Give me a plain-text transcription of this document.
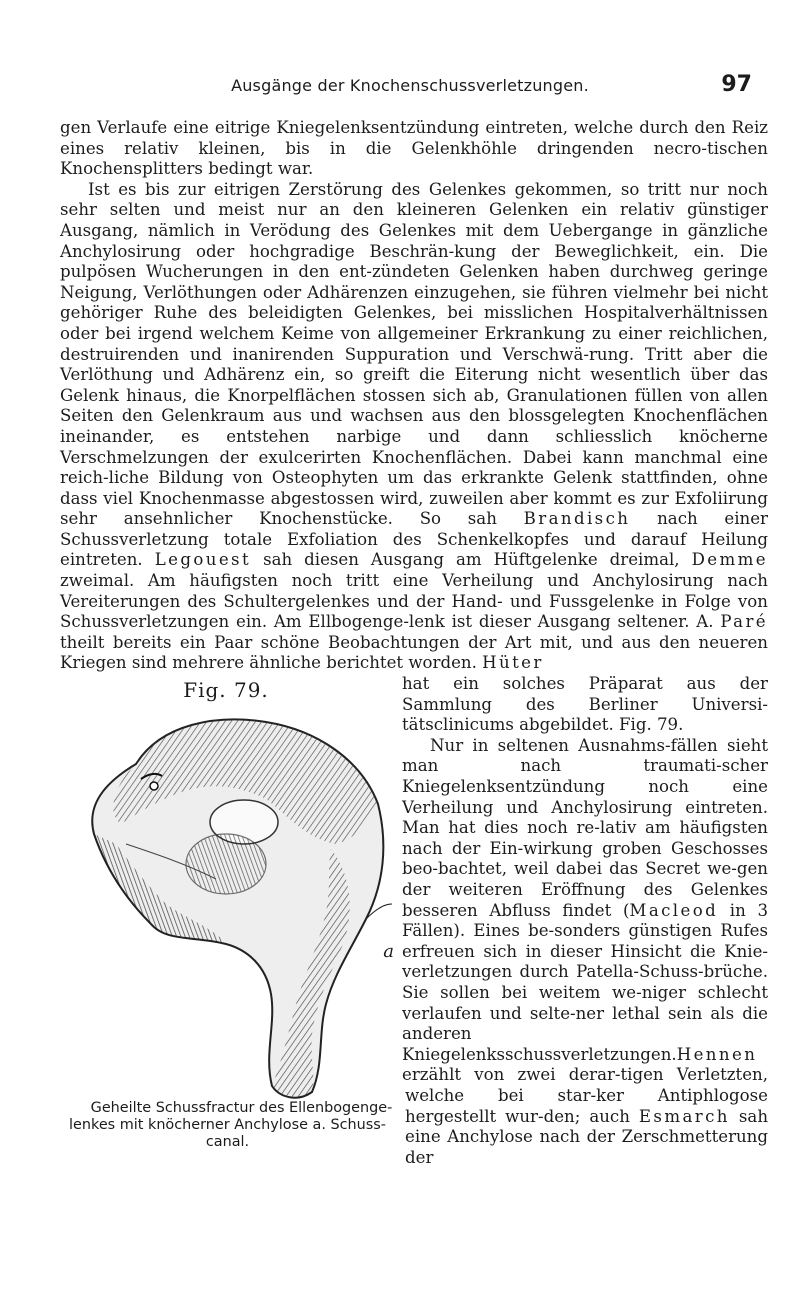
Ausgänge der Knochenschussverletzungen.	97

gen Verlaufe eine eitrige Kniegelenksentzündung eintreten, welche durch den Reiz eines relativ kleinen, bis in die Gelenkhöhle dringenden necro-tischen Knochensplitters bedingt war.

Ist es bis zur eitrigen Zerstörung des Gelenkes gekommen, so tritt nur noch sehr selten und meist nur an den kleineren Gelenken ein relativ günstiger Ausgang, nämlich in Verödung des Gelenkes mit dem Uebergange in gänzliche Anchylosirung oder hochgradige Beschrän-kung der Beweglichkeit, ein. Die pulpösen Wucherungen in den ent-zündeten Gelenken haben durchweg geringe Neigung, Verlöthungen oder Adhärenzen einzugehen, sie führen vielmehr bei nicht gehöriger Ruhe des beleidigten Gelenkes, bei misslichen Hospitalverhältnissen oder bei irgend welchem Keime von allgemeiner Erkrankung zu einer reichlichen, destruirenden und inanirenden Suppuration und Verschwä-rung. Tritt aber die Verlöthung und Adhärenz ein, so greift die Eiterung nicht wesentlich über das Gelenk hinaus, die Knorpelflächen stossen sich ab, Granulationen füllen von allen Seiten den Gelenkraum aus und wachsen aus den blossgelegten Knochenflächen ineinander, es entstehen narbige und dann schliesslich knöcherne Verschmelzungen der exulcerirten Knochenflächen. Dabei kann manchmal eine reich-liche Bildung von Osteophyten um das erkrankte Gelenk stattfinden, ohne dass viel Knochenmasse abgestossen wird, zuweilen aber kommt es zur Exfoliirung sehr ansehnlicher Knochenstücke. So sah Brandisch nach einer Schussverletzung totale Exfoliation des Schenkelkopfes und darauf Heilung eintreten. Legouest sah diesen Ausgang am Hüftgelenke dreimal, Demme zweimal. Am häufigsten noch tritt eine Verheilung und Anchylosirung nach Vereiterungen des Schultergelenkes und der Hand- und Fussgelenke in Folge von Schussverletzungen ein. Am Ellbogenge-lenk ist dieser Ausgang seltener. A. Paré theilt bereits ein Paar schöne Beobachtungen der Art mit, und aus den neueren Kriegen sind mehrere ähnliche berichtet worden. Hüter

Fig. 79.
a
hat ein solches Präparat aus der Sammlung des Berliner Universi-tätsclinicums abgebildet. Fig. 79.

Nur in seltenen Ausnahms-fällen sieht man nach traumati-scher Kniegelenksentzündung noch eine Verheilung und Anchylosirung eintreten. Man hat dies noch re-lativ am häufigsten nach der Ein-wirkung groben Geschosses beo-bachtet, weil dabei das Secret we-gen der weiteren Eröffnung des Gelenkes besseren Abfluss findet (Macleod in 3 Fällen). Eines be-sonders günstigen Rufes erfreuen sich in dieser Hinsicht die Knie-verletzungen durch Patella-Schuss-brüche. Sie sollen bei weitem we-niger schlecht verlaufen und selte-ner lethal sein als die anderen Kniegelenksschussverletzungen.
Geheilte Schussfractur des Ellenbogenge-lenkes mit knöcherner Anchylose a. Schuss-canal.
Hennen erzählt von zwei derar-tigen Verletzten, welche bei star-ker Antiphlogose hergestellt wur-den; auch Esmarch sah eine Anchylose nach der Zerschmetterung der
